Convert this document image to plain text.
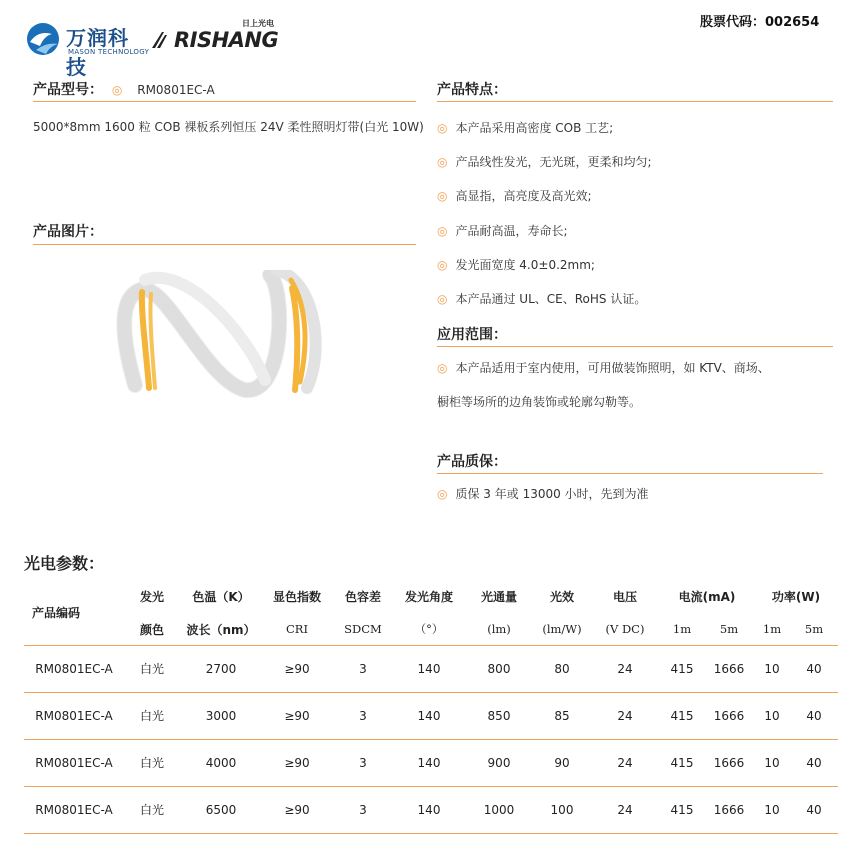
万润科技
MASON TECHNOLOGY
日上光电
RISHANG
股票代码：002654
产品型号： ◎ RM0801EC-A
5000*8mm 1600 粒 COB 裸板系列恒压 24V 柔性照明灯带(白光 10W)
产品图片：
产品特点：
◎ 本产品采用高密度 COB 工艺;
◎ 产品线性发光，无光斑，更柔和均匀;
◎ 高显指，高亮度及高光效;
◎ 产品耐高温，寿命长;
◎ 发光面宽度 4.0±0.2mm;
◎ 本产品通过 UL、CE、RoHS 认证。
应用范围：
◎ 本产品适用于室内使用，可用做装饰照明，如 KTV、商场、
橱柜等场所的边角装饰或轮廓勾勒等。
产品质保：
◎ 质保 3 年或 13000 小时，先到为准
光电参数：
产品编码	发光	色温（K）	显色指数	色容差	发光角度	光通量	光效	电压	电流(mA)		功率(W)	
	颜色	波长（nm）	CRI	SDCM	（°）	(lm)	(lm/W)	(V DC)	1m	5m	1m	5m
RM0801EC-A	白光	2700	≥90	3	140	800	80	24	415	1666	10	40
RM0801EC-A	白光	3000	≥90	3	140	850	85	24	415	1666	10	40
RM0801EC-A	白光	4000	≥90	3	140	900	90	24	415	1666	10	40
RM0801EC-A	白光	6500	≥90	3	140	1000	100	24	415	1666	10	40
